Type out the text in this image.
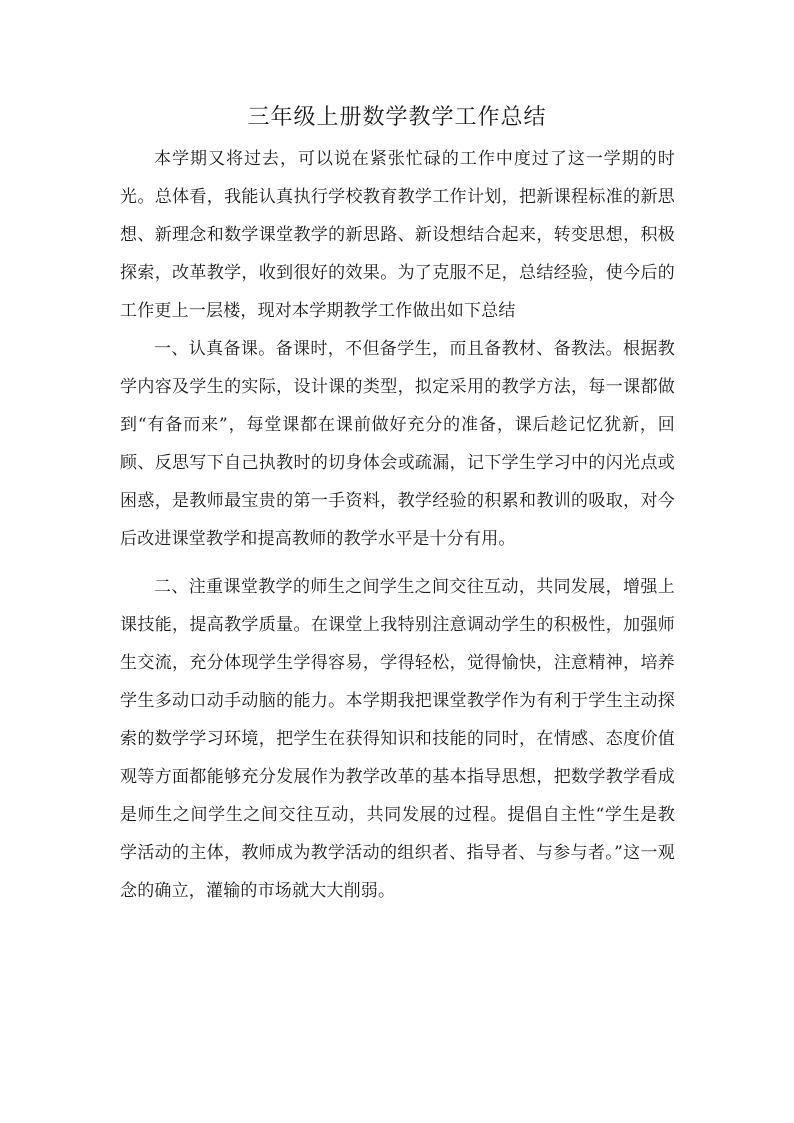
三年级上册数学教学工作总结

本学期又将过去，可以说在紧张忙碌的工作中度过了这一学期的时光。总体看，我能认真执行学校教育教学工作计划，把新课程标准的新思想、新理念和数学课堂教学的新思路、新设想结合起来，转变思想，积极探索，改革教学，收到很好的效果。为了克服不足，总结经验，使今后的工作更上一层楼，现对本学期教学工作做出如下总结

一、认真备课。备课时，不但备学生，而且备教材、备教法。根据教学内容及学生的实际，设计课的类型，拟定采用的教学方法，每一课都做到“有备而来”，每堂课都在课前做好充分的准备，课后趁记忆犹新，回顾、反思写下自己执教时的切身体会或疏漏，记下学生学习中的闪光点或困惑，是教师最宝贵的第一手资料，教学经验的积累和教训的吸取，对今后改进课堂教学和提高教师的教学水平是十分有用。

二、注重课堂教学的师生之间学生之间交往互动，共同发展，增强上课技能，提高教学质量。在课堂上我特别注意调动学生的积极性，加强师生交流，充分体现学生学得容易，学得轻松，觉得愉快，注意精神，培养学生多动口动手动脑的能力。本学期我把课堂教学作为有利于学生主动探索的数学学习环境，把学生在获得知识和技能的同时，在情感、态度价值观等方面都能够充分发展作为教学改革的基本指导思想，把数学教学看成是师生之间学生之间交往互动，共同发展的过程。提倡自主性“学生是教学活动的主体，教师成为教学活动的组织者、指导者、与参与者。”这一观念的确立，灌输的市场就大大削弱。
